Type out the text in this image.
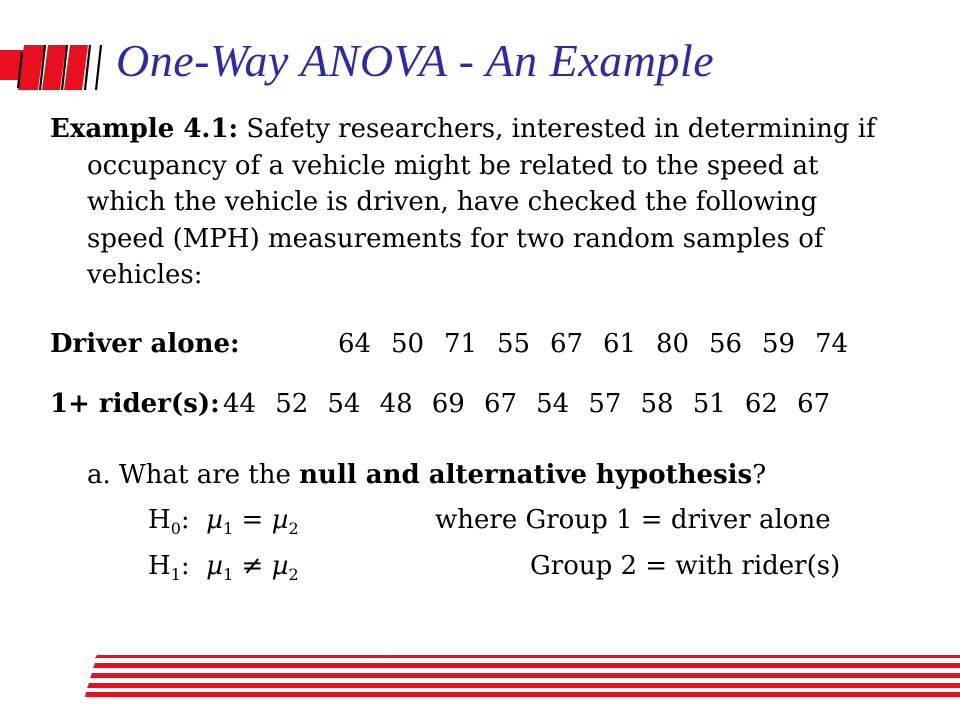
One-Way ANOVA - An Example
Example 4.1: Safety researchers, interested in determining if
occupancy of a vehicle might be related to the speed at
which the vehicle is driven, have checked the following
speed (MPH) measurements for two random samples of
vehicles:
Driver alone:	64 50 71 55 67 61 80 56 59 74
1+ rider(s): 44 52 54 48 69 67 54 57 58 51 62 67
a. What are the null and alternative hypothesis?
$H_0$: µ$_1$ = µ$_2$	where Group 1 = driver alone
$H_1$: µ$_1$ ≠ µ$_2$	Group 2 = with rider(s)
